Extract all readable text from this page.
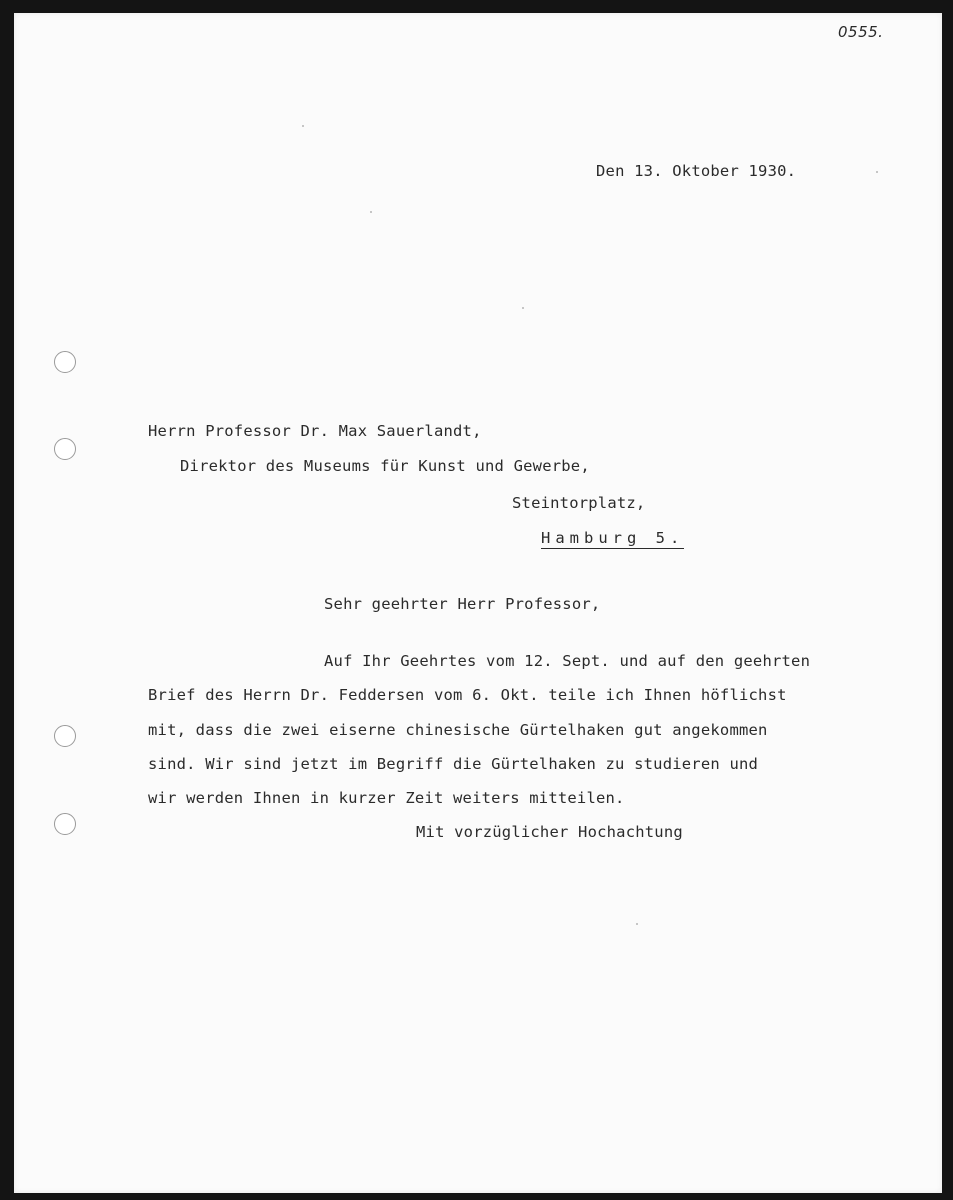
0555.
Den 13. Oktober 1930.
Herrn Professor Dr. Max Sauerlandt,
Direktor des Museums für Kunst und Gewerbe,
Steintorplatz,
Hamburg 5.
Sehr geehrter Herr Professor,
Auf Ihr Geehrtes vom 12. Sept. und auf den geehrten
Brief des Herrn Dr. Feddersen vom 6. Okt. teile ich Ihnen höflichst
mit, dass die zwei eiserne chinesische Gürtelhaken gut angekommen
sind. Wir sind jetzt im Begriff die Gürtelhaken zu studieren und
wir werden Ihnen in kurzer Zeit weiters mitteilen.
Mit vorzüglicher Hochachtung
